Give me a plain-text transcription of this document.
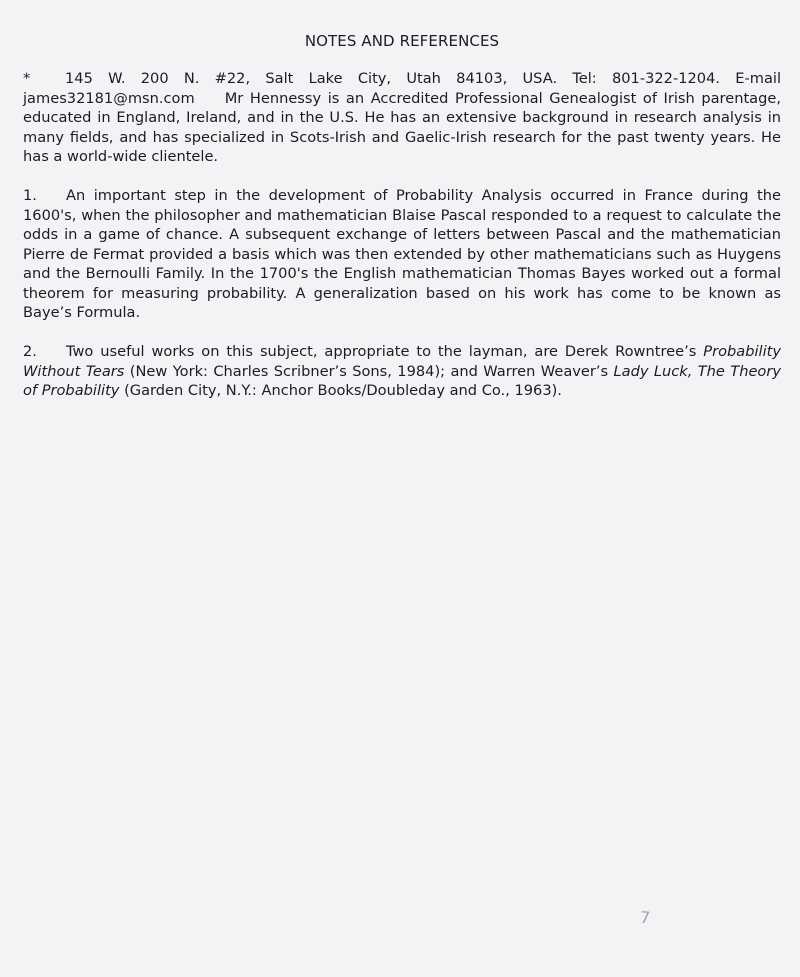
NOTES AND REFERENCES
* 145 W. 200 N. #22, Salt Lake City, Utah 84103, USA. Tel: 801-322-1204. E-mail james32181@msn.com Mr Hennessy is an Accredited Professional Genealogist of Irish parentage, educated in England, Ireland, and in the U.S. He has an extensive background in research analysis in many fields, and has specialized in Scots-Irish and Gaelic-Irish research for the past twenty years. He has a world-wide clientele.
1. An important step in the development of Probability Analysis occurred in France during the 1600's, when the philosopher and mathematician Blaise Pascal responded to a request to calculate the odds in a game of chance. A subsequent exchange of letters between Pascal and the mathematician Pierre de Fermat provided a basis which was then extended by other mathematicians such as Huygens and the Bernoulli Family. In the 1700's the English mathematician Thomas Bayes worked out a formal theorem for measuring probability. A generalization based on his work has come to be known as Baye’s Formula.
2. Two useful works on this subject, appropriate to the layman, are Derek Rowntree’s Probability Without Tears (New York: Charles Scribner’s Sons, 1984); and Warren Weaver’s Lady Luck, The Theory of Probability (Garden City, N.Y.: Anchor Books/Doubleday and Co., 1963).
7
